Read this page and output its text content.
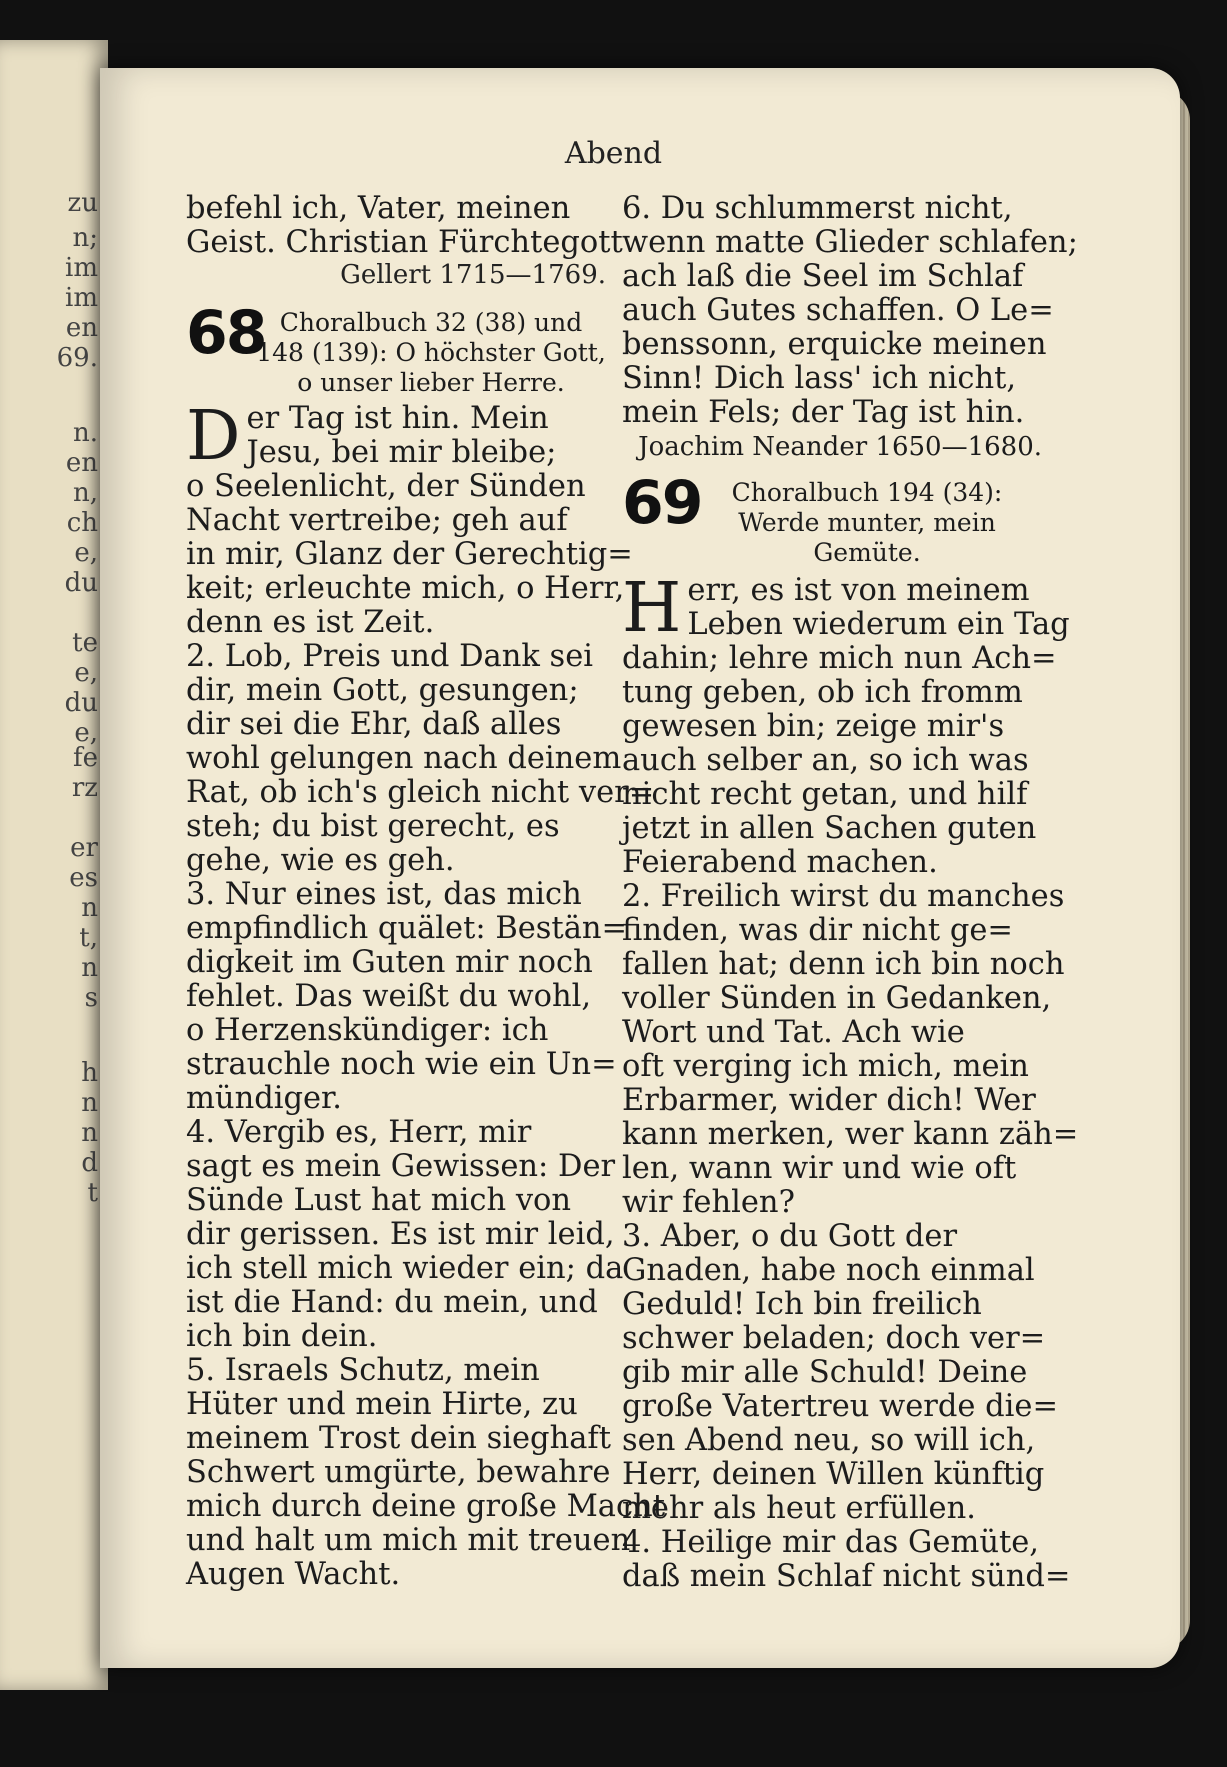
zu
n;
im
im
en
69.
n.
en
n,
ch
e,
du
te
e,
du
e,
fe
rz
er
es
n
t,
n
s
h
n
n
d
t
Abend
befehl ich, Vater, meinen
Geist. Christian Fürchtegott
Gellert 1715—1769.
68 Choralbuch 32 (38) und
148 (139): O höchster Gott,
o unser lieber Herre.
D er Tag ist hin. Mein
Jesu, bei mir bleibe;
o Seelenlicht, der Sünden
Nacht vertreibe; geh auf
in mir, Glanz der Gerechtig=
keit; erleuchte mich, o Herr,
denn es ist Zeit.
2. Lob, Preis und Dank sei
dir, mein Gott, gesungen;
dir sei die Ehr, daß alles
wohl gelungen nach deinem
Rat, ob ich's gleich nicht ver=
steh; du bist gerecht, es
gehe, wie es geh.
3. Nur eines ist, das mich
empfindlich quälet: Bestän=
digkeit im Guten mir noch
fehlet. Das weißt du wohl,
o Herzenskündiger: ich
strauchle noch wie ein Un=
mündiger.
4. Vergib es, Herr, mir
sagt es mein Gewissen: Der
Sünde Lust hat mich von
dir gerissen. Es ist mir leid,
ich stell mich wieder ein; da
ist die Hand: du mein, und
ich bin dein.
5. Israels Schutz, mein
Hüter und mein Hirte, zu
meinem Trost dein sieghaft
Schwert umgürte, bewahre
mich durch deine große Macht
und halt um mich mit treuen
Augen Wacht.
6. Du schlummerst nicht,
wenn matte Glieder schlafen;
ach laß die Seel im Schlaf
auch Gutes schaffen. O Le=
benssonn, erquicke meinen
Sinn! Dich lass' ich nicht,
mein Fels; der Tag ist hin.
Joachim Neander 1650—1680.
69	Choralbuch 194 (34):
Werde munter, mein
Gemüte.
H err, es ist von meinem
Leben wiederum ein Tag
dahin; lehre mich nun Ach=
tung geben, ob ich fromm
gewesen bin; zeige mir's
auch selber an, so ich was
nicht recht getan, und hilf
jetzt in allen Sachen guten
Feierabend machen.
2. Freilich wirst du manches
finden, was dir nicht ge=
fallen hat; denn ich bin noch
voller Sünden in Gedanken,
Wort und Tat. Ach wie
oft verging ich mich, mein
Erbarmer, wider dich! Wer
kann merken, wer kann zäh=
len, wann wir und wie oft
wir fehlen?
3. Aber, o du Gott der
Gnaden, habe noch einmal
Geduld! Ich bin freilich
schwer beladen; doch ver=
gib mir alle Schuld! Deine
große Vatertreu werde die=
sen Abend neu, so will ich,
Herr, deinen Willen künftig
mehr als heut erfüllen.
4. Heilige mir das Gemüte,
daß mein Schlaf nicht sünd=
